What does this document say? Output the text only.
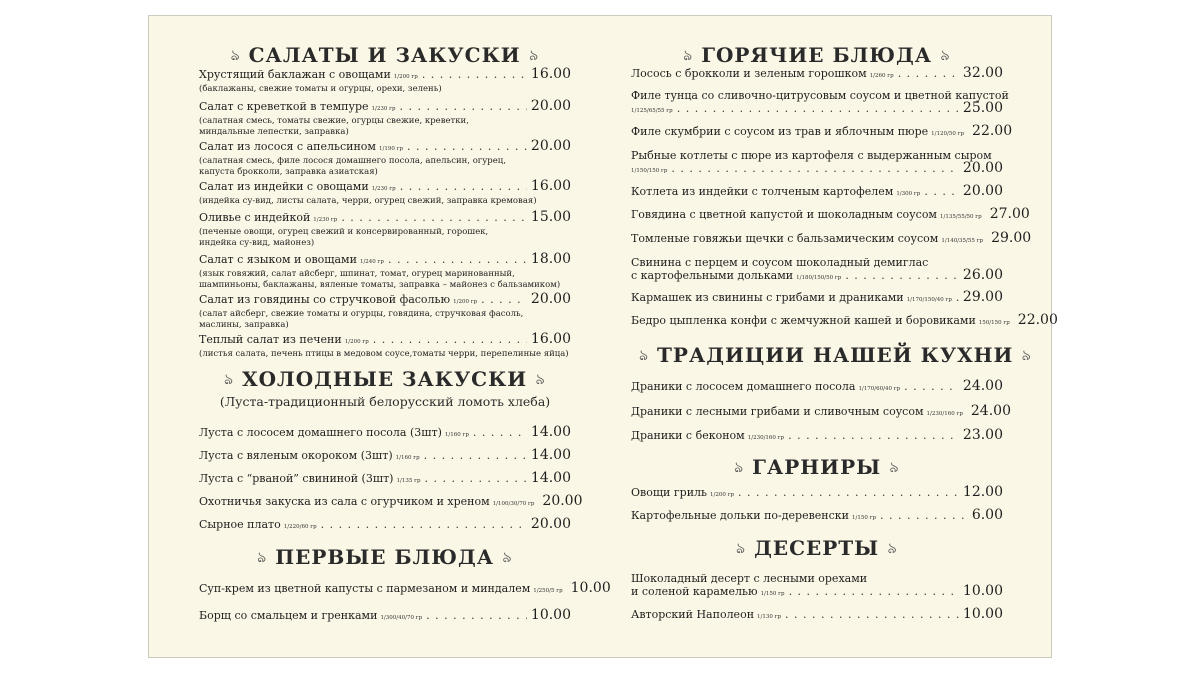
ঌ САЛАТЫ И ЗАКУСКИ ৯
Хрустящий баклажан с овощами 1/200 гр . . .	16.00
(баклажаны, свежие томаты и огурцы, орехи, зелень)
Салат с креветкой в темпуре 1/230 гр . . .	20.00
(салатная смесь, томаты свежие, огурцы свежие, креветки,
миндальные лепестки, заправка)
Салат из лосося с апельсином 1/190 гр . . .	20.00
(салатная смесь, филе лосося домашнего посола, апельсин, огурец,
капуста брокколи, заправка азиатская)
Салат из индейки с овощами 1/230 гр . . .	16.00
(индейка су-вид, листы салата, черри, огурец свежий, заправка кремовая)
Оливье с индейкой 1/230 гр . . .	15.00
(печеные овощи, огурец свежий и консервированный, горошек,
индейка су-вид, майонез)
Салат с языком и овощами 1/240 гр . . .	18.00
(язык говяжий, салат айсберг, шпинат, томат, огурец маринованный,
шампиньоны, баклажаны, вяленые томаты, заправка – майонез с бальзамиком)
Салат из говядины со стручковой фасолью 1/200 гр . . .	20.00
(салат айсберг, свежие томаты и огурцы, говядина, стручковая фасоль,
маслины, заправка)
Теплый салат из печени 1/200 гр . . .	16.00
(листья салата, печень птицы в медовом соусе,томаты черри, перепелиные яйца)
ঌ ХОЛОДНЫЕ ЗАКУСКИ ৯
(Луста-традиционный белорусский ломоть хлеба)
Луста с лососем домашнего посола (3шт) 1/160 гр . . .	14.00
Луста с вяленым окороком (3шт) 1/160 гр . . .	14.00
Луста с “рваной” свининой (3шт) 1/135 гр . . .	14.00
Охотничья закуска из сала с огурчиком и хреном 1/100/30/70 гр 20.00
Сырное плато 1/220/60 гр . . .	20.00
ঌ ПЕРВЫЕ БЛЮДА ৯
Суп-крем из цветной капусты с пармезаном и миндалем 1/250/5 гр 10.00
Борщ со смальцем и гренками 1/300/40/70 гр . . .	10.00
ঌ ГОРЯЧИЕ БЛЮДА ৯
Лосось с брокколи и зеленым горошком 1/260 гр . . .	32.00
Филе тунца со сливочно-цитрусовым соусом и цветной капустой
1/125/65/55 гр . . .	25.00
Филе скумбрии с соусом из трав и яблочным пюре 1/120/50 гр 22.00
Рыбные котлеты с пюре из картофеля с выдержанным сыром
1/150/150 гр . . .	20.00
Котлета из индейки с толченым картофелем 1/300 гр . . .	20.00
Говядина с цветной капустой и шоколадным соусом 1/135/55/50 гр 27.00
Томленые говяжьи щечки с бальзамическим соусом 1/140/35/55 гр 29.00
Свинина с перцем и соусом шоколадный демиглас
с картофельными дольками 1/180/150/50 гр . . .	26.00
Кармашек из свинины с грибами и драниками 1/170/150/40 гр . . . 29.00
Бедро цыпленка конфи с жемчужной кашей и боровиками 150/150 гр 22.00
ঌ ТРАДИЦИИ НАШЕЙ КУХНИ ৯
Драники с лососем домашнего посола 1/170/60/40 гр . . .	24.00
Драники с лесными грибами и сливочным соусом 1/230/160 гр 24.00
Драники с беконом 1/230/160 гр . . .	23.00
ঌ ГАРНИРЫ ৯
Овощи гриль 1/200 гр . . .	12.00
Картофельные дольки по-деревенски 1/150 гр . . .	6.00
ঌ ДЕСЕРТЫ ৯
Шоколадный десерт с лесными орехами
и соленой карамелью 1/150 гр . . .	10.00
Авторский Наполеон 1/130 гр . . .	10.00
